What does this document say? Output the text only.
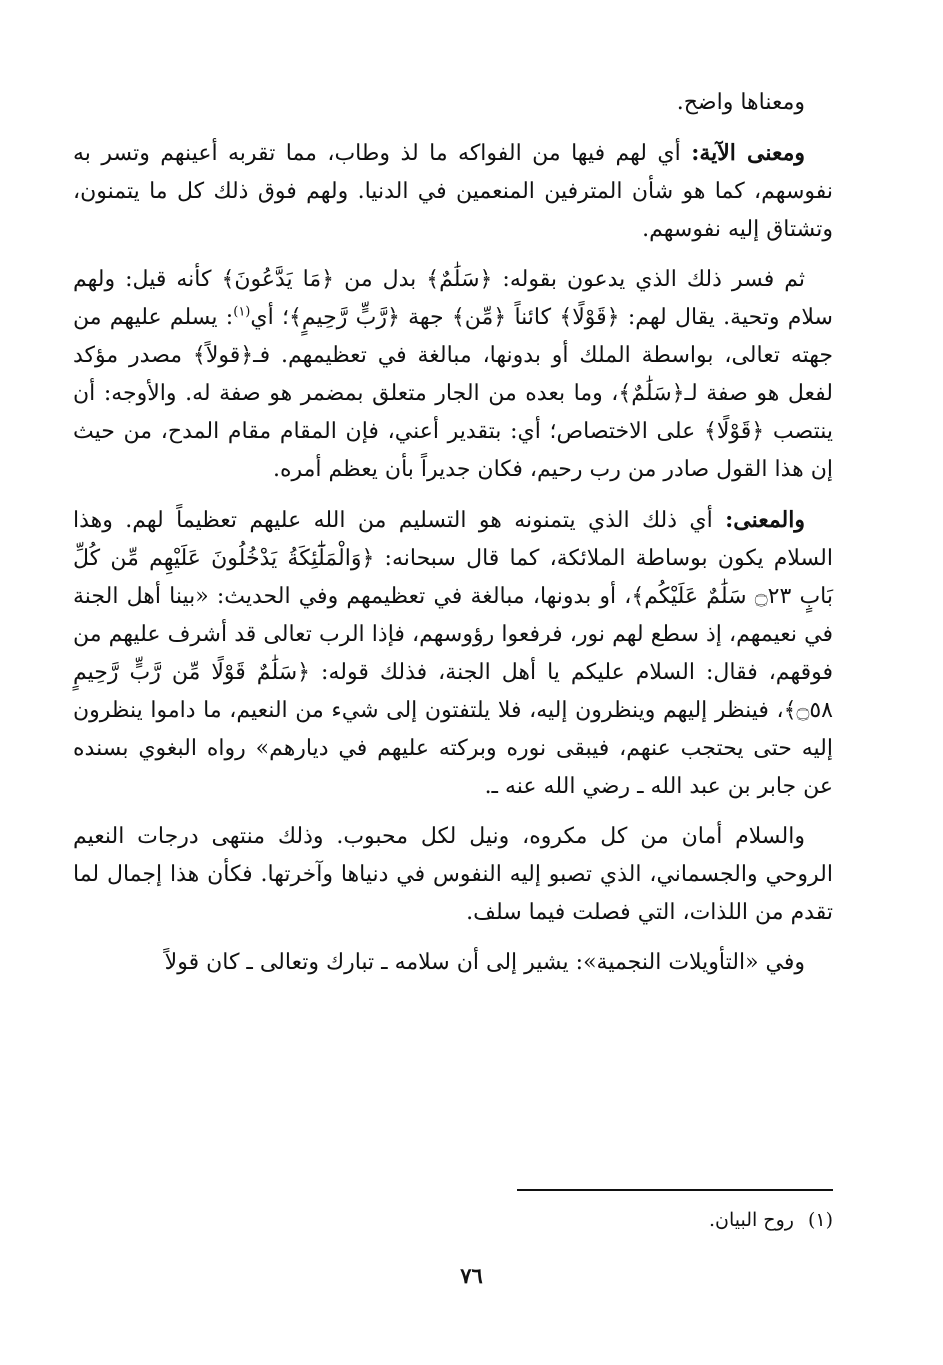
ومعناها واضح.

ومعنى الآية: أي لهم فيها من الفواكه ما لذ وطاب، مما تقربه أعينهم وتسر به نفوسهم، كما هو شأن المترفين المنعمين في الدنيا. ولهم فوق ذلك كل ما يتمنون، وتشتاق إليه نفوسهم.

ثم فسر ذلك الذي يدعون بقوله: ﴿سَلَٰمٌ﴾ بدل من ﴿مَا يَدَّعُونَ﴾ كأنه قيل: ولهم سلام وتحية. يقال لهم: ﴿قَوْلًا﴾ كائناً ﴿مِّن﴾ جهة ﴿رَّبٍّ رَّحِيمٍ﴾؛ أي$^{(١)}$: يسلم عليهم من جهته تعالى، بواسطة الملك أو بدونها، مبالغة في تعظيمهم. فـ﴿قولاً﴾ مصدر مؤكد لفعل هو صفة لـ﴿سَلَٰمٌ﴾، وما بعده من الجار متعلق بمضمر هو صفة له. والأوجه: أن ينتصب ﴿قَوْلًا﴾ على الاختصاص؛ أي: بتقدير أعني، فإن المقام مقام المدح، من حيث إن هذا القول صادر من رب رحيم، فكان جديراً بأن يعظم أمره.

والمعنى: أي ذلك الذي يتمنونه هو التسليم من الله عليهم تعظيماً لهم. وهذا السلام يكون بوساطة الملائكة، كما قال سبحانه: ﴿وَالْمَلَٰٓئِكَةُ يَدْخُلُونَ عَلَيْهِم مِّن كُلِّ بَابٍ ۝٢٣ سَلَٰمٌ عَلَيْكُم﴾، أو بدونها، مبالغة في تعظيمهم وفي الحديث: «بينا أهل الجنة في نعيمهم، إذ سطع لهم نور، فرفعوا رؤوسهم، فإذا الرب تعالى قد أشرف عليهم من فوقهم، فقال: السلام عليكم يا أهل الجنة، فذلك قوله: ﴿سَلَٰمٌ قَوْلًا مِّن رَّبٍّ رَّحِيمٍ ۝٥٨﴾، فينظر إليهم وينظرون إليه، فلا يلتفتون إلى شيء من النعيم، ما داموا ينظرون إليه حتى يحتجب عنهم، فيبقى نوره وبركته عليهم في ديارهم» رواه البغوي بسنده عن جابر بن عبد الله ـ رضي الله عنه ـ.

والسلام أمان من كل مكروه، ونيل لكل محبوب. وذلك منتهى درجات النعيم الروحي والجسماني، الذي تصبو إليه النفوس في دنياها وآخرتها. فكأن هذا إجمال لما تقدم من اللذات، التي فصلت فيما سلف.

وفي «التأويلات النجمية»: يشير إلى أن سلامه ـ تبارك وتعالى ـ كان قولاً

(١)روح البيان.
٧٦
